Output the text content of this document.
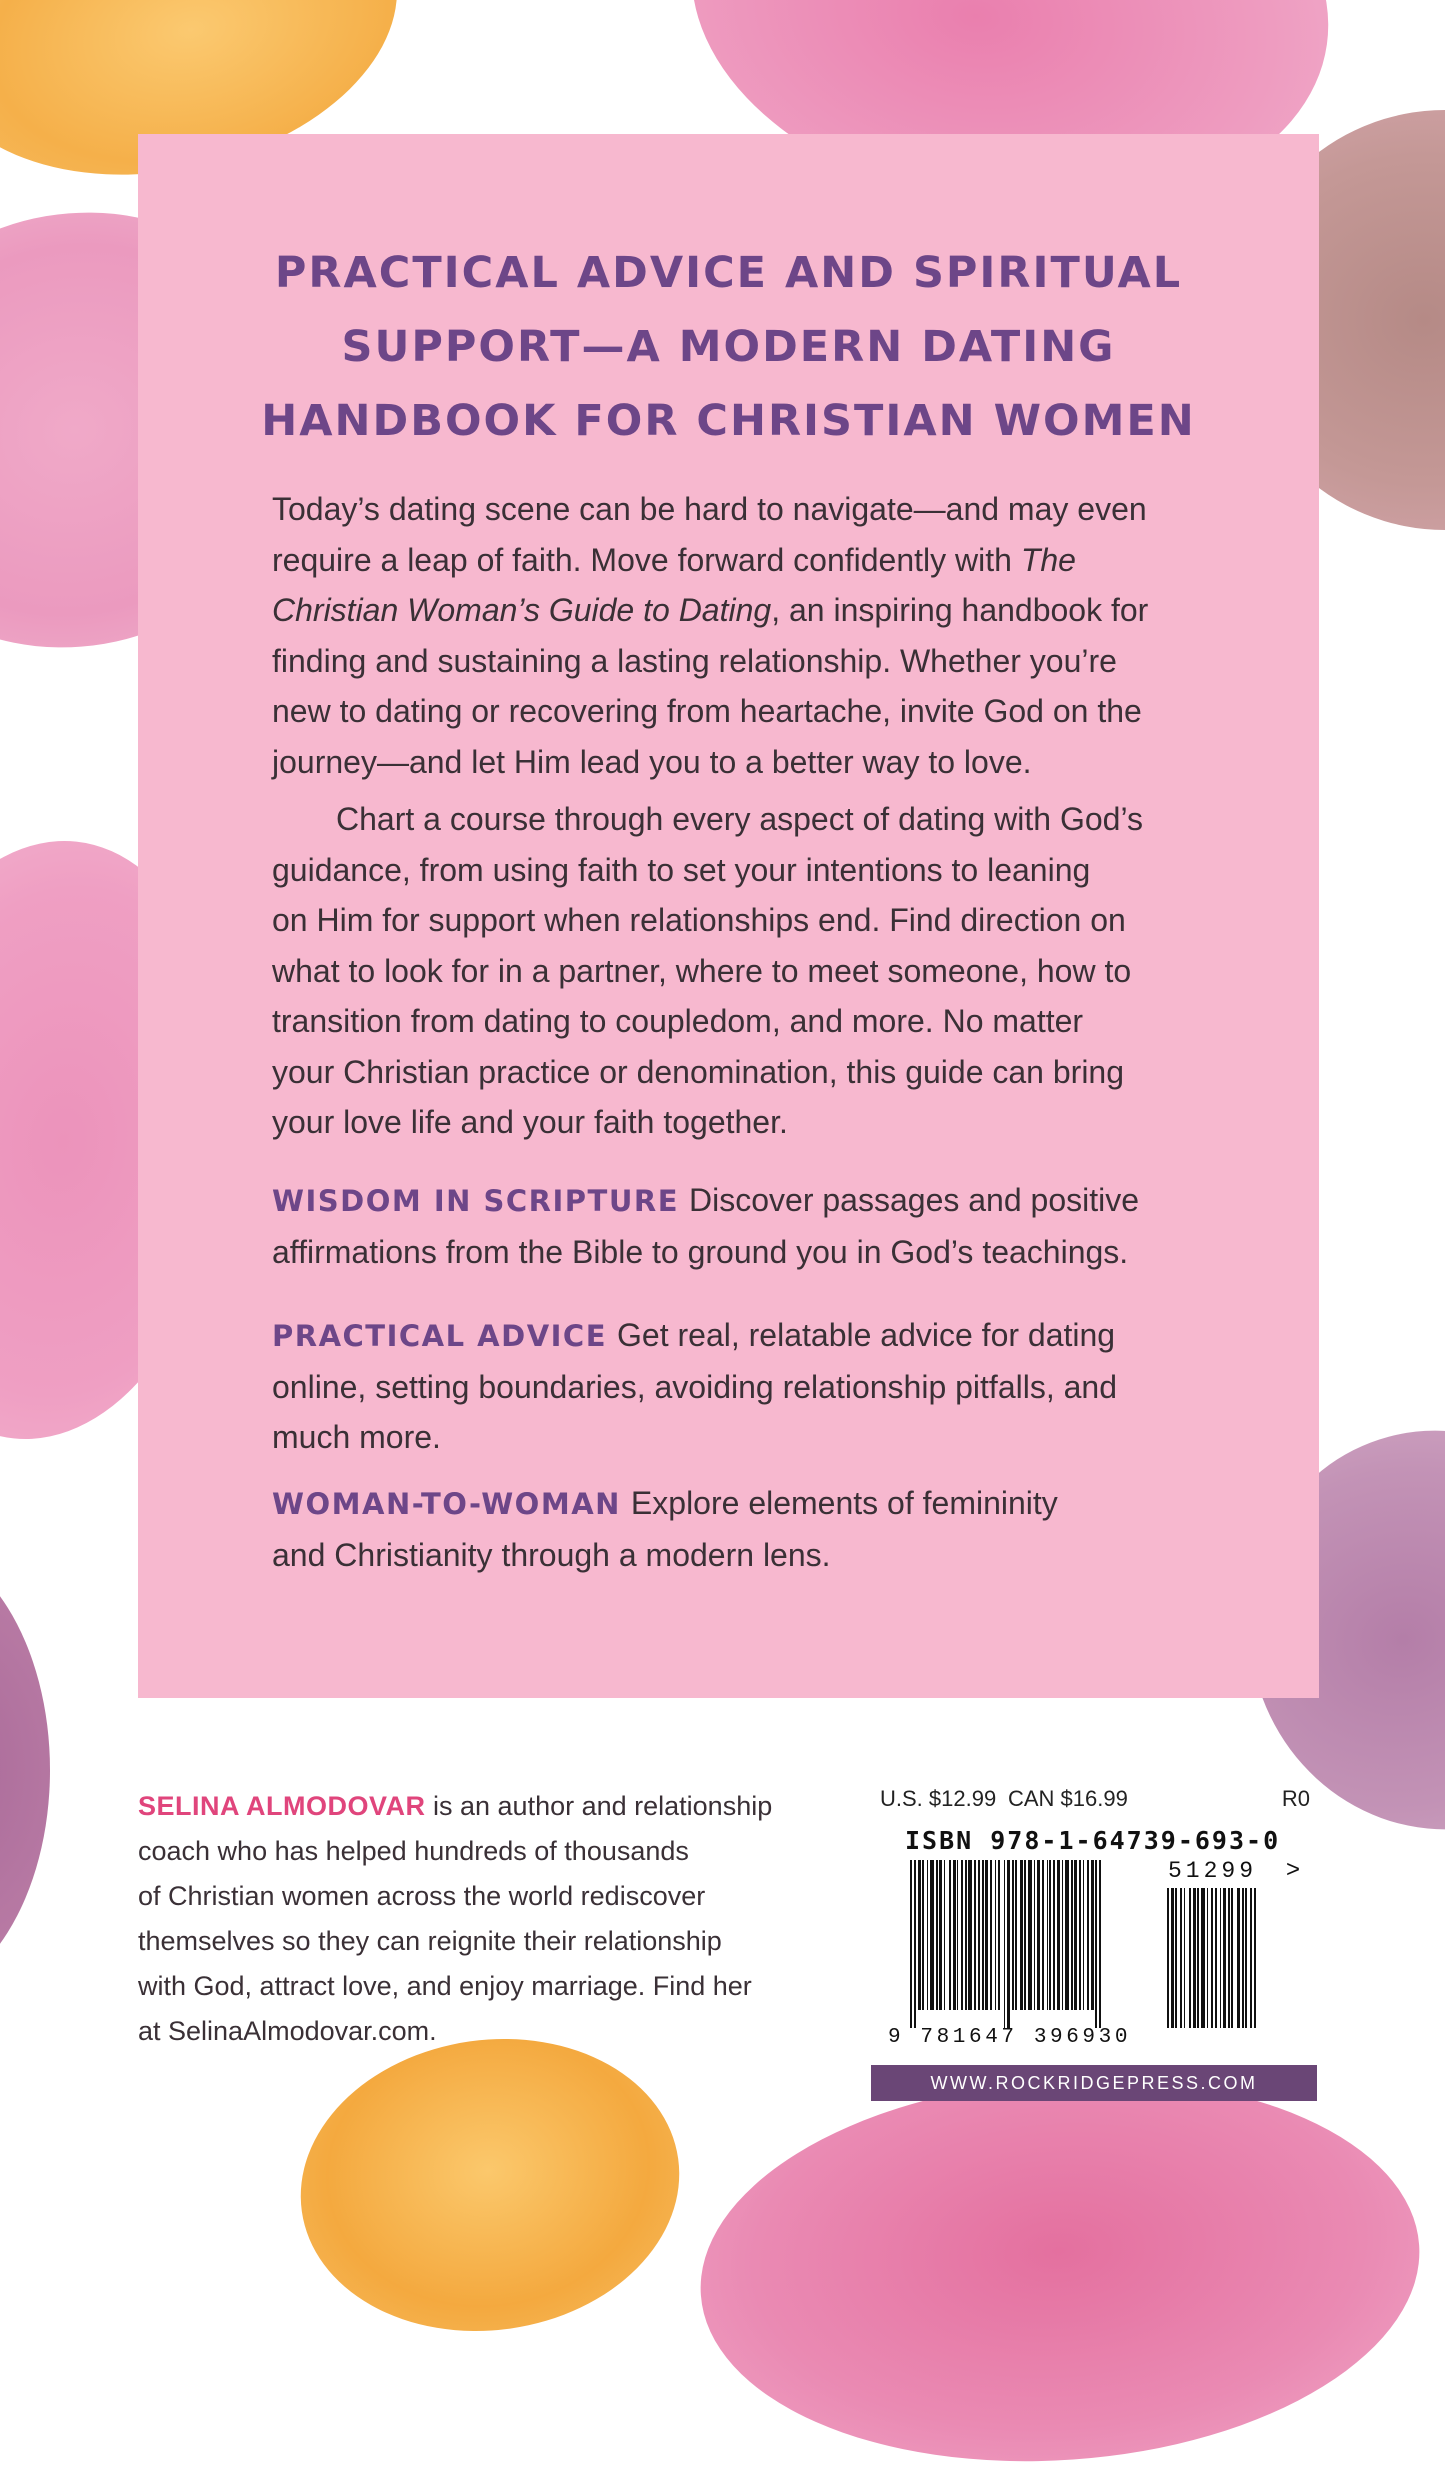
PRACTICAL ADVICE AND SPIRITUAL
SUPPORT—A MODERN DATING
HANDBOOK FOR CHRISTIAN WOMEN
Today’s dating scene can be hard to navigate—and may even
require a leap of faith. Move forward confidently with The
Christian Woman’s Guide to Dating, an inspiring handbook for
finding and sustaining a lasting relationship. Whether you’re
new to dating or recovering from heartache, invite God on the
journey—and let Him lead you to a better way to love.
Chart a course through every aspect of dating with God’s
guidance, from using faith to set your intentions to leaning
on Him for support when relationships end. Find direction on
what to look for in a partner, where to meet someone, how to
transition from dating to coupledom, and more. No matter
your Christian practice or denomination, this guide can bring
your love life and your faith together.
WISDOM IN SCRIPTURE Discover passages and positive
affirmations from the Bible to ground you in God’s teachings.
PRACTICAL ADVICE Get real, relatable advice for dating
online, setting boundaries, avoiding relationship pitfalls, and
much more.
WOMAN-TO-WOMAN Explore elements of femininity
and Christianity through a modern lens.
SELINA ALMODOVAR is an author and relationship
coach who has helped hundreds of thousands
of Christian women across the world rediscover
themselves so they can reignite their relationship
with God, attract love, and enjoy marriage. Find her
at SelinaAlmodovar.com.
U.S. $12.99 CAN $16.99	R0
ISBN 978-1-64739-693-0
51299 >
9 781647 396930
WWW.ROCKRIDGEPRESS.COM
